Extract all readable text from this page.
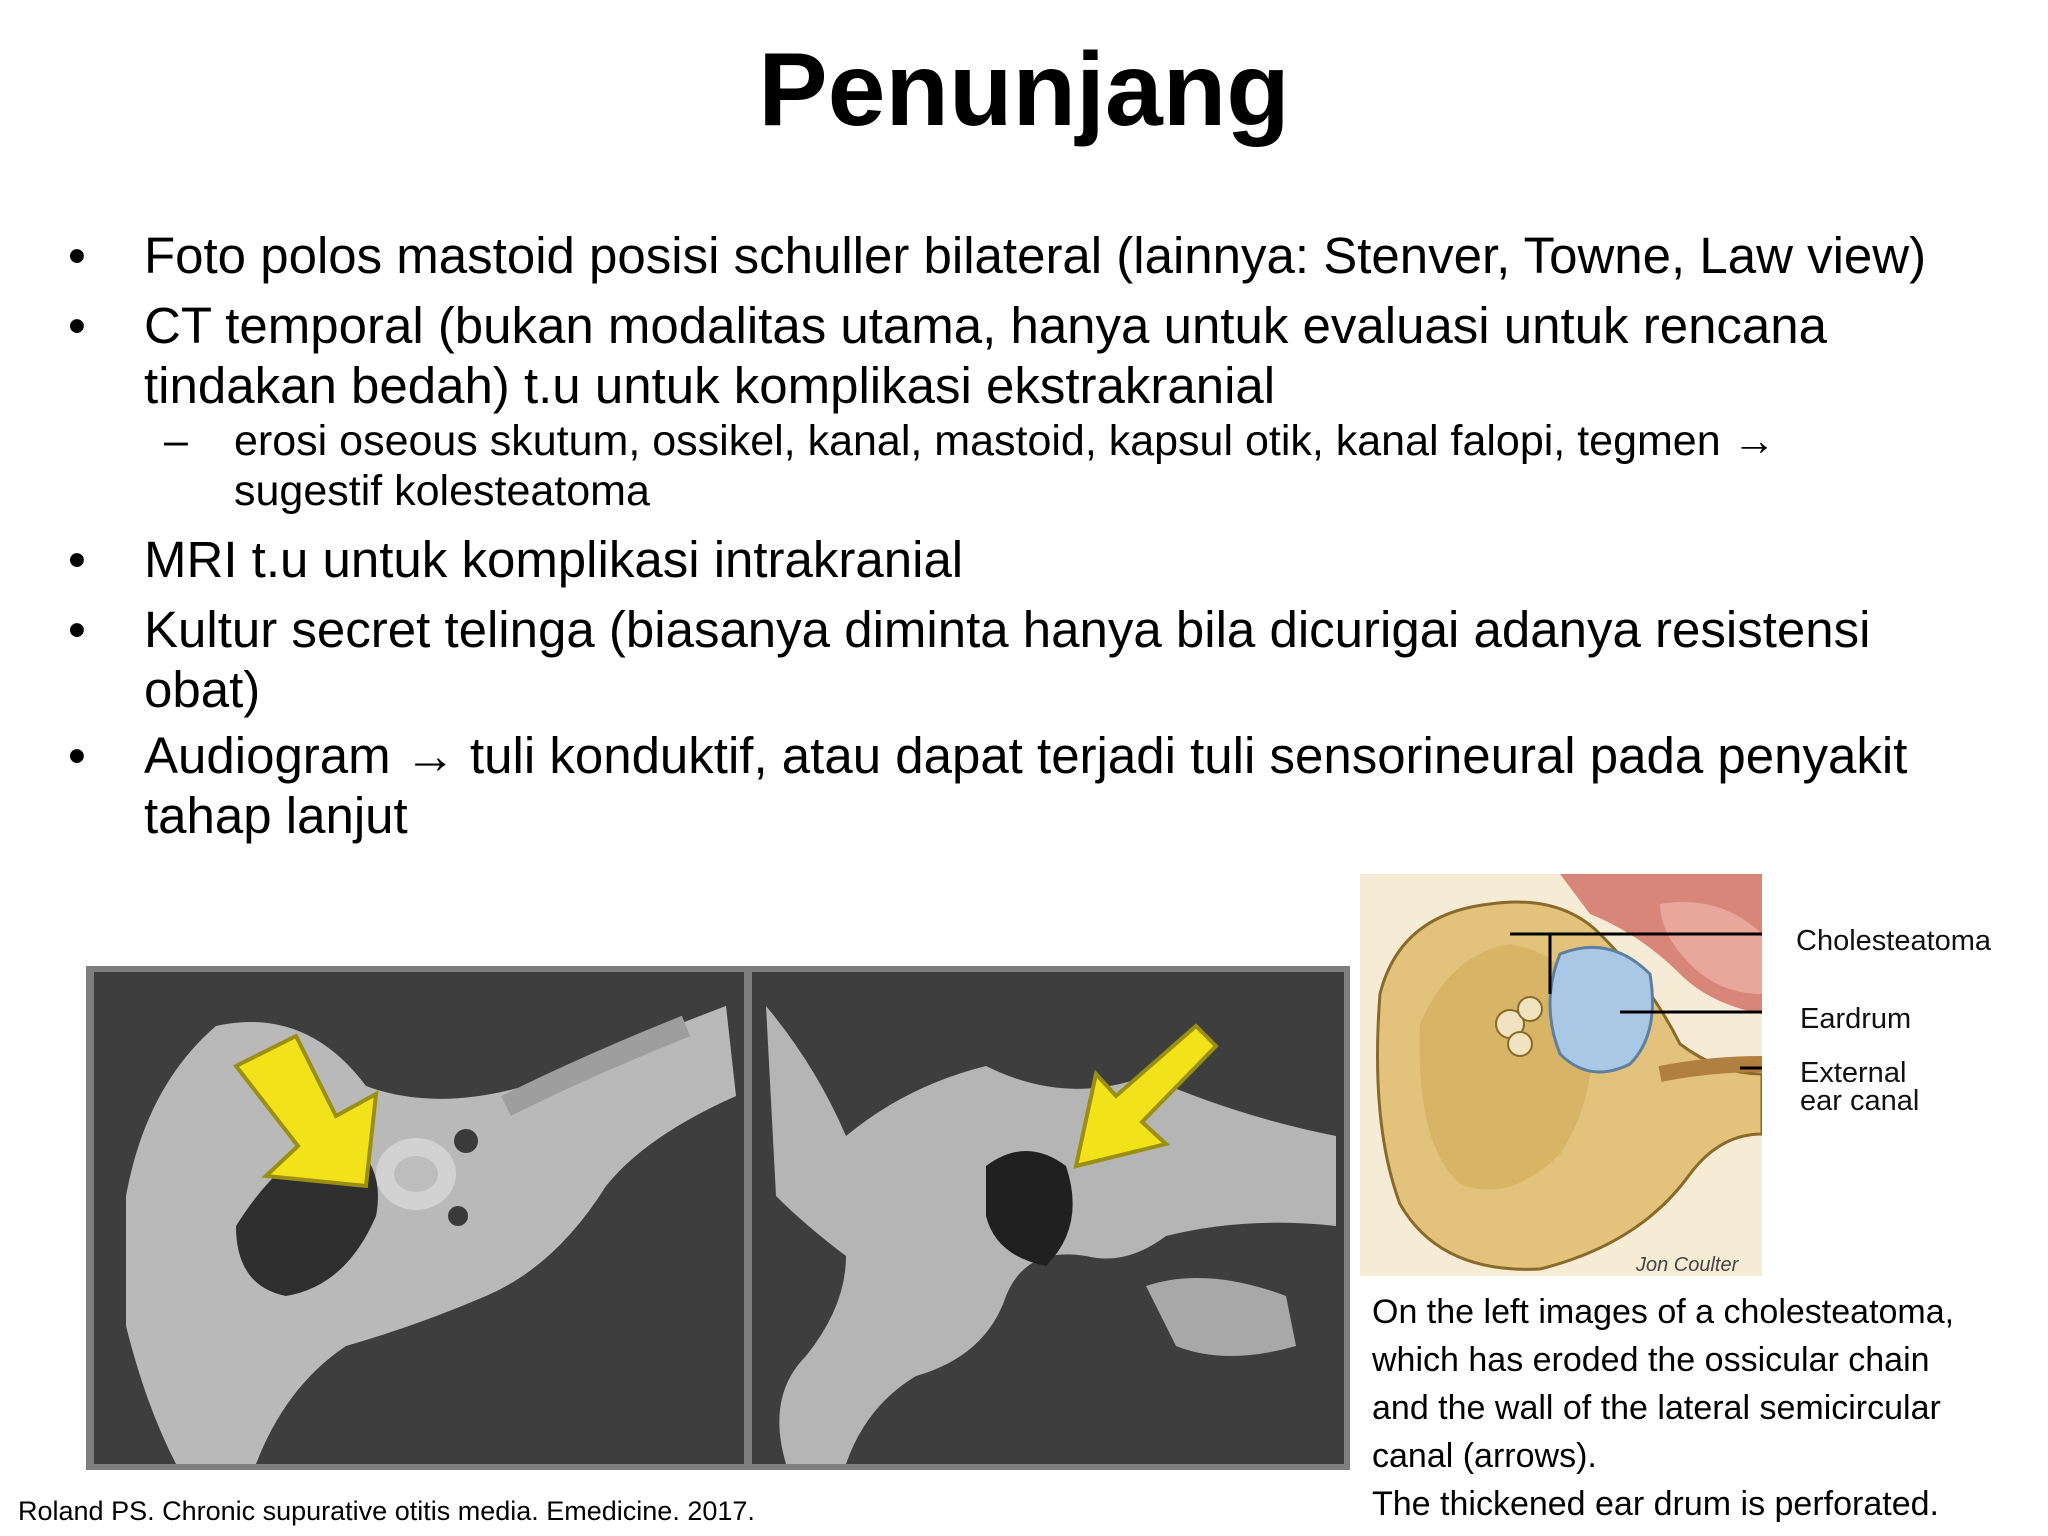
Penunjang
•	Foto polos mastoid posisi schuller bilateral (lainnya: Stenver, Towne, Law view)
•	CT temporal (bukan modalitas utama, hanya untuk evaluasi untuk rencana tindakan bedah) t.u untuk komplikasi ekstrakranial
– erosi oseous skutum, ossikel, kanal, mastoid, kapsul otik, kanal falopi, tegmen → sugestif kolesteatoma
•	MRI t.u untuk komplikasi intrakranial
•	Kultur secret telinga (biasanya diminta hanya bila dicurigai adanya resistensi obat)
•	Audiogram → tuli konduktif, atau dapat terjadi tuli sensorineural pada penyakit tahap lanjut
Cholesteatoma
Eardrum
External
ear canal
Jon Coulter
On the left images of a cholesteatoma,
which has eroded the ossicular chain
and the wall of the lateral semicircular
canal (arrows).
The thickened ear drum is perforated.
Roland PS. Chronic supurative otitis media. Emedicine. 2017.
